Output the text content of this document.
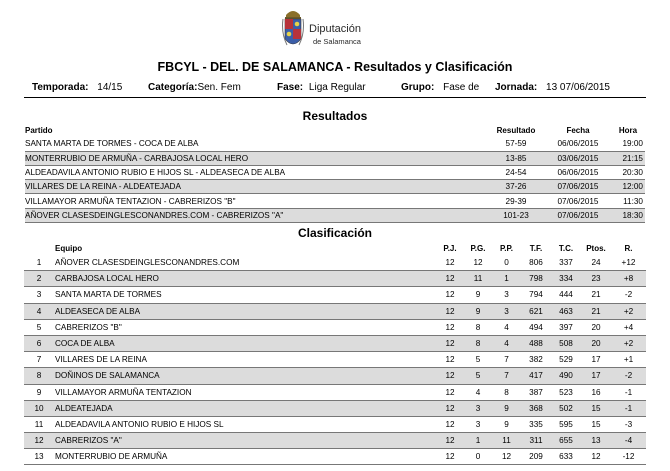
Diputación
de Salamanca
FBCYL - DEL. DE SALAMANCA - Resultados y Clasificación
Temporada: 14/15	Categoría:Sen. Fem	Fase: Liga Regular	Grupo: Fase de Jornada: 13 07/06/2015
Resultados
Partido	Resultado	Fecha	Hora
SANTA MARTA DE TORMES - COCA DE ALBA	57-59	06/06/2015	19:00
MONTERRUBIO DE ARMUÑA - CARBAJOSA LOCAL HERO	13-85	03/06/2015	21:15
ALDEADAVILA ANTONIO RUBIO E HIJOS SL - ALDEASECA DE ALBA	24-54	06/06/2015	20:30
VILLARES DE LA REINA - ALDEATEJADA	37-26	07/06/2015	12:00
VILLAMAYOR ARMUÑA TENTAZION - CABRERIZOS "B"	29-39	07/06/2015	11:30
AÑOVER CLASESDEINGLESCONANDRES.COM - CABRERIZOS "A"	101-23	07/06/2015	18:30
Clasificación
	Equipo	P.J.	P.G.	P.P.	T.F.	T.C.	Ptos.	R.
1	AÑOVER CLASESDEINGLESCONANDRES.COM	12	12	0	806	337	24	+12
2	CARBAJOSA LOCAL HERO	12	11	1	798	334	23	+8
3	SANTA MARTA DE TORMES	12	9	3	794	444	21	-2
4	ALDEASECA DE ALBA	12	9	3	621	463	21	+2
5	CABRERIZOS "B"	12	8	4	494	397	20	+4
6	COCA DE ALBA	12	8	4	488	508	20	+2
7	VILLARES DE LA REINA	12	5	7	382	529	17	+1
8	DOÑINOS DE SALAMANCA	12	5	7	417	490	17	-2
9	VILLAMAYOR ARMUÑA TENTAZION	12	4	8	387	523	16	-1
10	ALDEATEJADA	12	3	9	368	502	15	-1
11	ALDEADAVILA ANTONIO RUBIO E HIJOS SL	12	3	9	335	595	15	-3
12	CABRERIZOS "A"	12	1	11	311	655	13	-4
13	MONTERRUBIO DE ARMUÑA	12	0	12	209	633	12	-12
